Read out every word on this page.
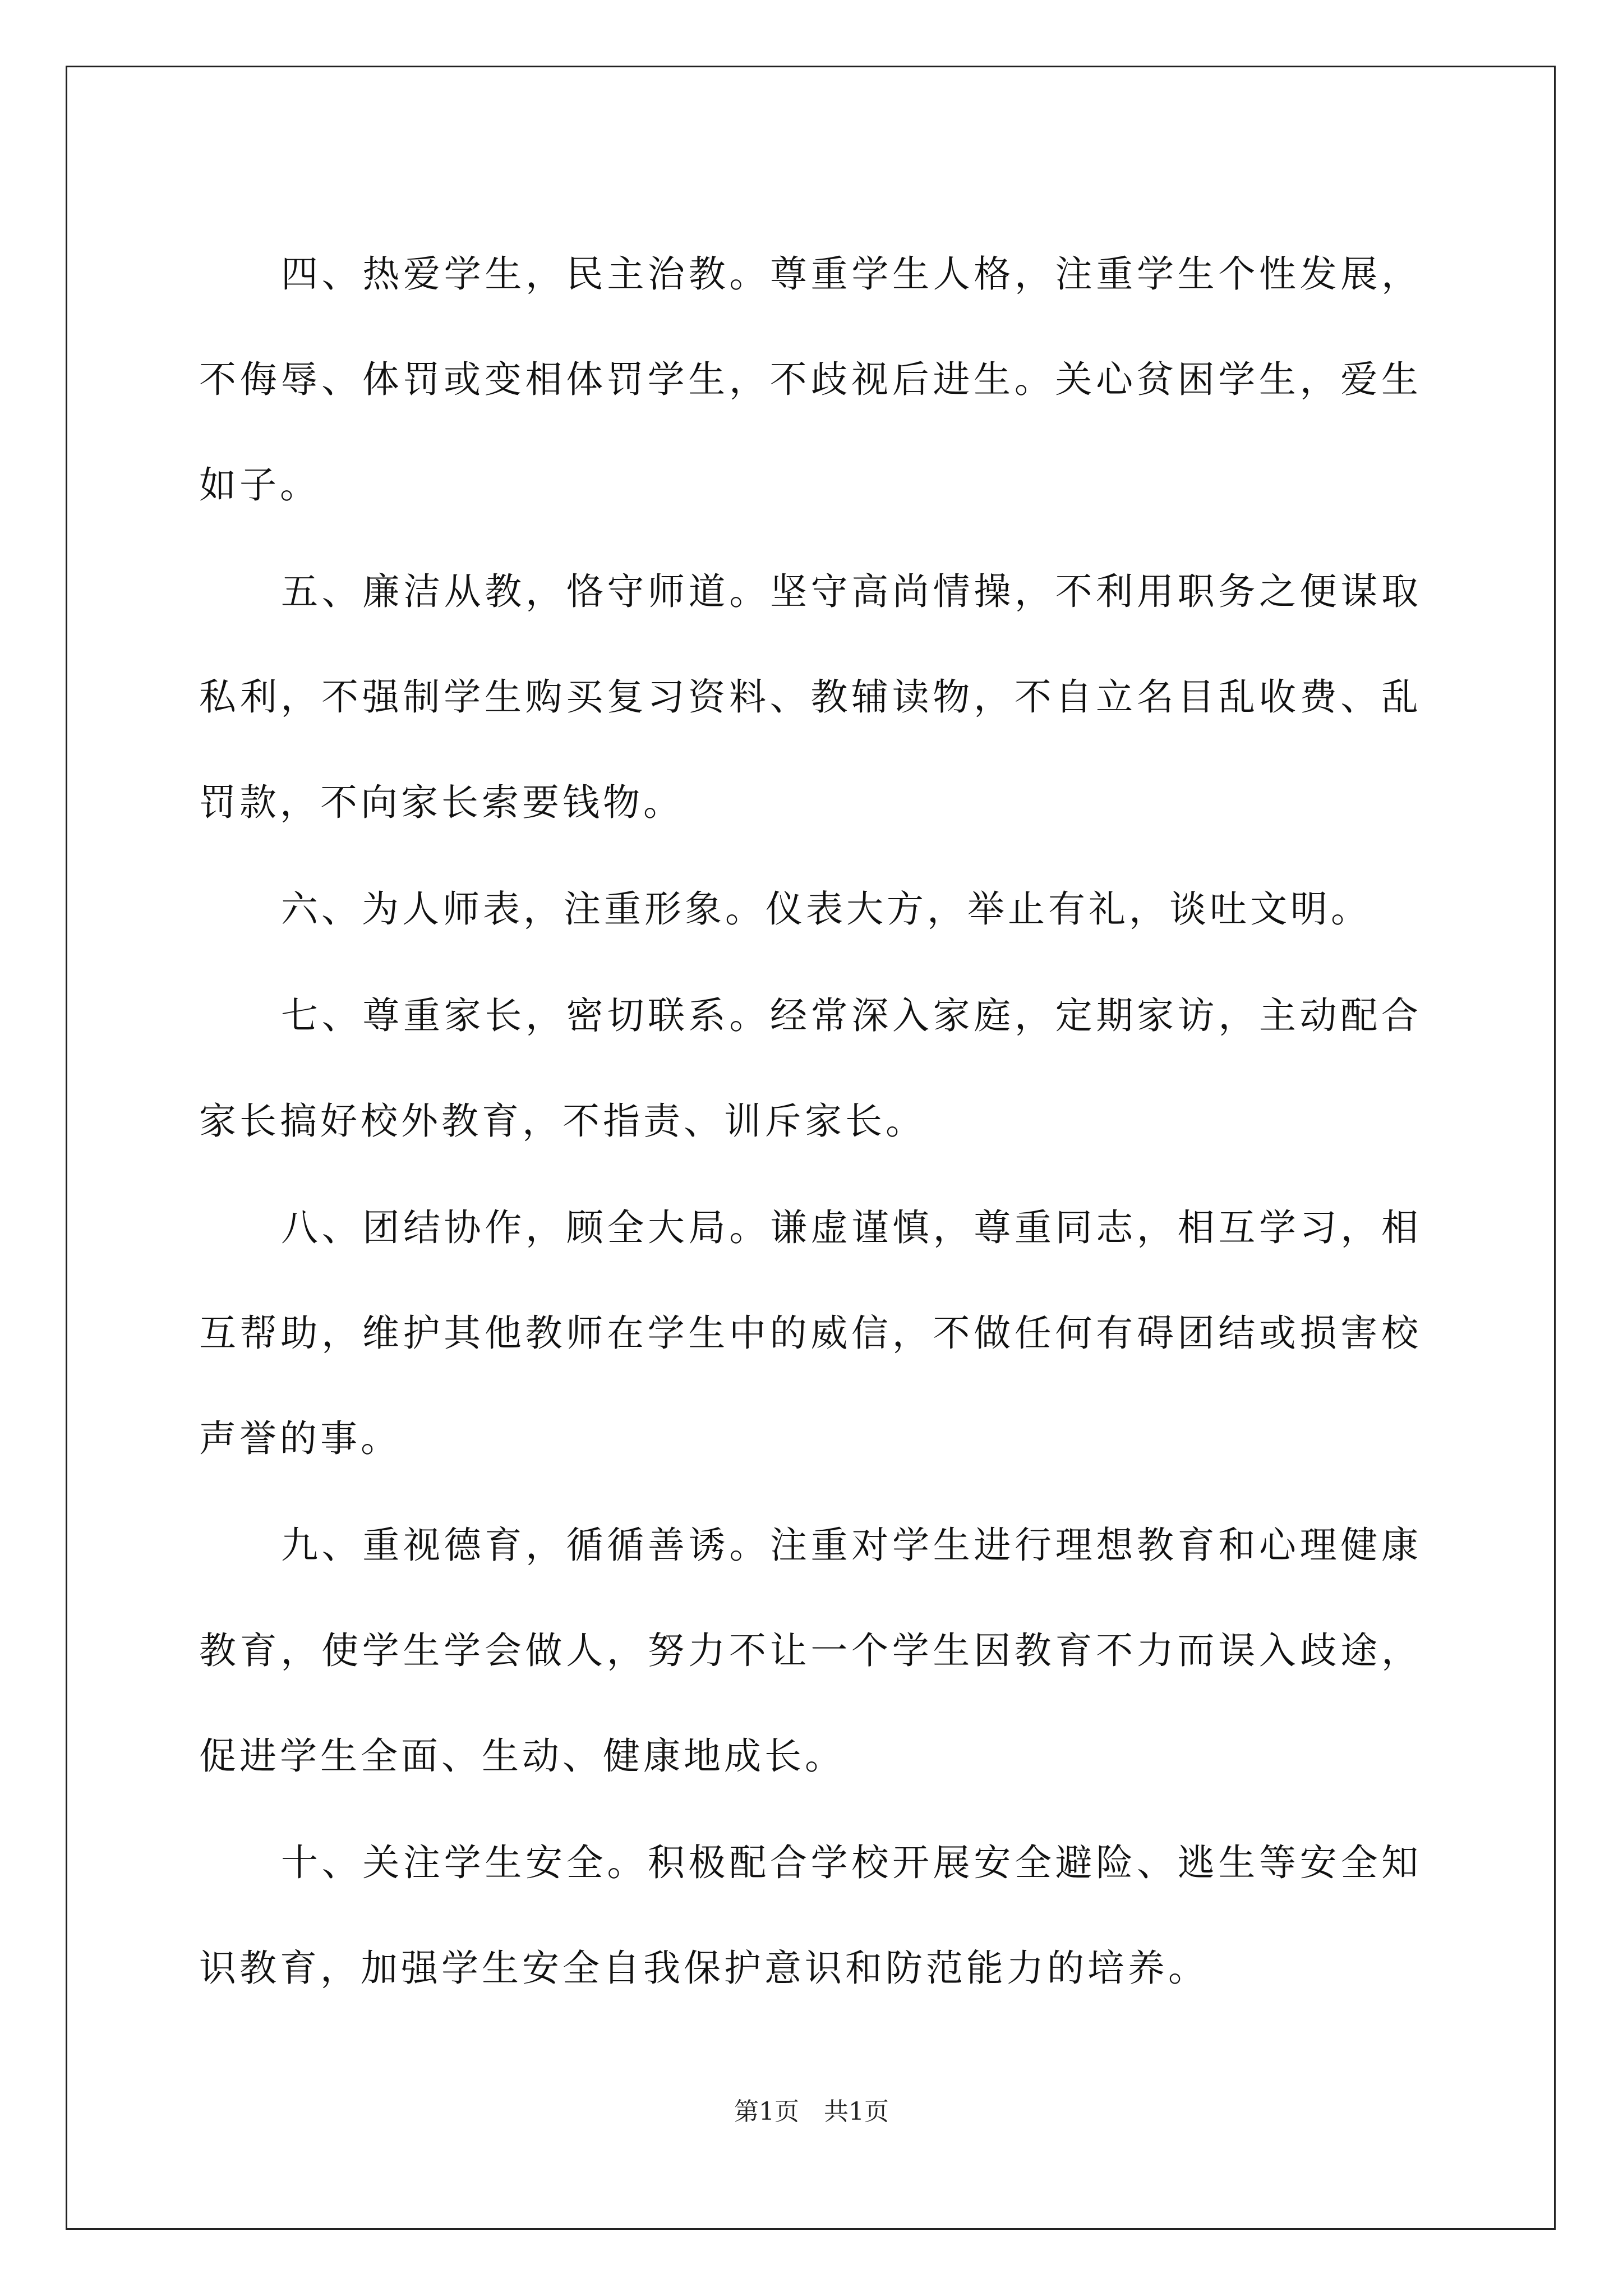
四、热爱学生，民主治教。尊重学生人格，注重学生个性发展，不侮辱、体罚或变相体罚学生，不歧视后进生。关心贫困学生，爱生如子。

五、廉洁从教，恪守师道。坚守高尚情操，不利用职务之便谋取私利，不强制学生购买复习资料、教辅读物，不自立名目乱收费、乱罚款，不向家长索要钱物。

六、为人师表，注重形象。仪表大方，举止有礼，谈吐文明。

七、尊重家长，密切联系。经常深入家庭，定期家访，主动配合家长搞好校外教育，不指责、训斥家长。

八、团结协作，顾全大局。谦虚谨慎，尊重同志，相互学习，相互帮助，维护其他教师在学生中的威信，不做任何有碍团结或损害校声誉的事。

九、重视德育，循循善诱。注重对学生进行理想教育和心理健康教育，使学生学会做人，努力不让一个学生因教育不力而误入歧途，促进学生全面、生动、健康地成长。

十、关注学生安全。积极配合学校开展安全避险、逃生等安全知识教育，加强学生安全自我保护意识和防范能力的培养。

第1页 共1页
